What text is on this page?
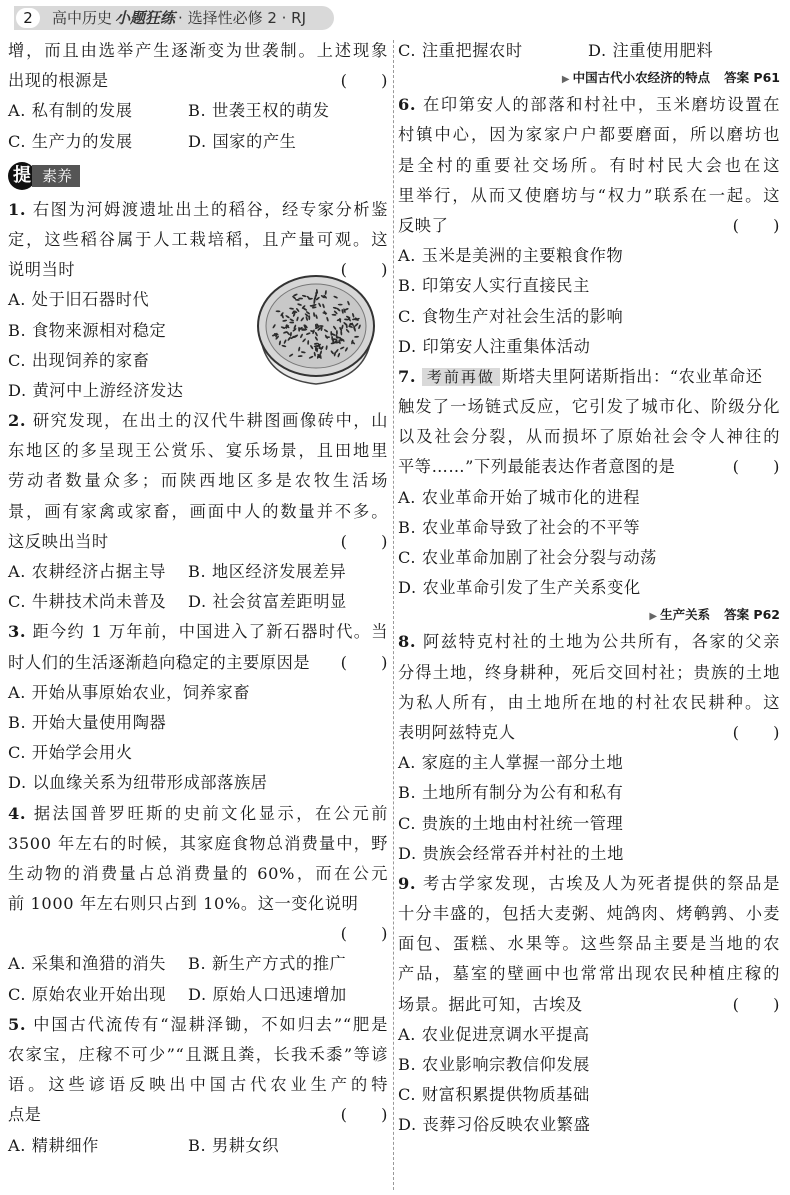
2	高中历史 小题狂练 · 选择性必修 2 · RJ
增，而且由选举产生逐渐变为世袭制。上述现象
出现的根源是	(　　)
A. 私有制的发展	B. 世袭王权的萌发
C. 生产力的发展	D. 国家的产生
提 素养
1. 右图为河姆渡遗址出土的稻谷，经专家分析鉴
定，这些稻谷属于人工栽培稻，且产量可观。这
说明当时	(　　)
A. 处于旧石器时代
B. 食物来源相对稳定
C. 出现饲养的家畜
D. 黄河中上游经济发达
2. 研究发现，在出土的汉代牛耕图画像砖中，山
东地区的多呈现王公赏乐、宴乐场景，且田地里
劳动者数量众多；而陕西地区多是农牧生活场
景，画有家禽或家畜，画面中人的数量并不多。
这反映出当时	(　　)
A. 农耕经济占据主导	B. 地区经济发展差异
C. 牛耕技术尚未普及	D. 社会贫富差距明显
3. 距今约 1 万年前，中国进入了新石器时代。当
时人们的生活逐渐趋向稳定的主要原因是 (　　)
A. 开始从事原始农业，饲养家畜
B. 开始大量使用陶器
C. 开始学会用火
D. 以血缘关系为纽带形成部落族居
4. 据法国普罗旺斯的史前文化显示，在公元前
3500 年左右的时候，其家庭食物总消费量中，野
生动物的消费量占总消费量的 60%，而在公元
前 1000 年左右则只占到 10%。这一变化说明
(　　)
A. 采集和渔猎的消失	B. 新生产方式的推广
C. 原始农业开始出现	D. 原始人口迅速增加
5. 中国古代流传有“湿耕泽锄，不如归去”“肥是
农家宝，庄稼不可少”“且溉且粪，长我禾黍”等谚
语。这些谚语反映出中国古代农业生产的特
点是	(　　)
A. 精耕细作	B. 男耕女织
C. 注重把握农时	D. 注重使用肥料
▶ 中国古代小农经济的特点 答案 P61
6. 在印第安人的部落和村社中，玉米磨坊设置在
村镇中心，因为家家户户都要磨面，所以磨坊也
是全村的重要社交场所。有时村民大会也在这
里举行，从而又使磨坊与“权力”联系在一起。这
反映了	(　　)
A. 玉米是美洲的主要粮食作物
B. 印第安人实行直接民主
C. 食物生产对社会生活的影响
D. 印第安人注重集体活动
7. 考前再做 斯塔夫里阿诺斯指出：“农业革命还
触发了一场链式反应，它引发了城市化、阶级分化
以及社会分裂，从而损坏了原始社会令人神往的
平等……”下列最能表达作者意图的是	(　　)
A. 农业革命开始了城市化的进程
B. 农业革命导致了社会的不平等
C. 农业革命加剧了社会分裂与动荡
D. 农业革命引发了生产关系变化
▶ 生产关系 答案 P62
8. 阿兹特克村社的土地为公共所有，各家的父亲
分得土地，终身耕种，死后交回村社；贵族的土地
为私人所有，由土地所在地的村社农民耕种。这
表明阿兹特克人	(　　)
A. 家庭的主人掌握一部分土地
B. 土地所有制分为公有和私有
C. 贵族的土地由村社统一管理
D. 贵族会经常吞并村社的土地
9. 考古学家发现，古埃及人为死者提供的祭品是
十分丰盛的，包括大麦粥、炖鸽肉、烤鹌鹑、小麦
面包、蛋糕、水果等。这些祭品主要是当地的农
产品，墓室的壁画中也常常出现农民种植庄稼的
场景。据此可知，古埃及	(　　)
A. 农业促进烹调水平提高
B. 农业影响宗教信仰发展
C. 财富积累提供物质基础
D. 丧葬习俗反映农业繁盛
